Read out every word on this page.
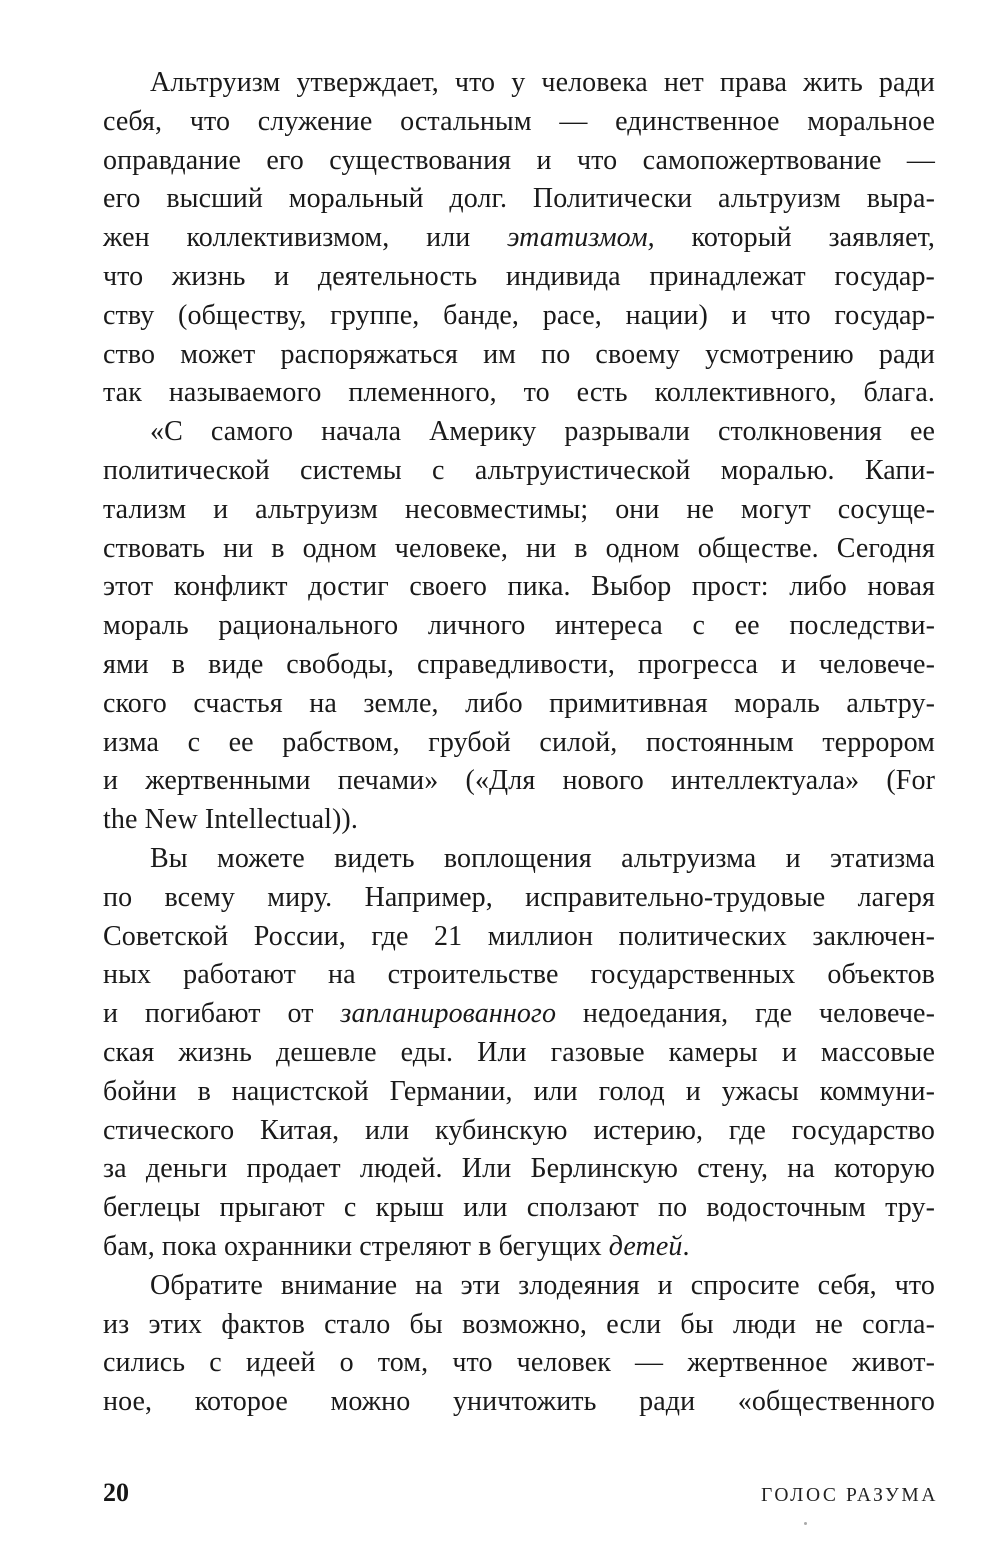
Альтруизм утверждает, что у человека нет права жить ради
себя, что служение остальным — единственное моральное
оправдание его существования и что самопожертвование —
его высший моральный долг. Политически альтруизм выра-
жен коллективизмом, или этатизмом, который заявляет,
что жизнь и деятельность индивида принадлежат государ-
ству (обществу, группе, банде, расе, нации) и что государ-
ство может распоряжаться им по своему усмотрению ради
так называемого племенного, то есть коллективного, блага.
«С самого начала Америку разрывали столкновения ее
политической системы с альтруистической моралью. Капи-
тализм и альтруизм несовместимы; они не могут сосуще-
ствовать ни в одном человеке, ни в одном обществе. Сегодня
этот конфликт достиг своего пика. Выбор прост: либо новая
мораль рационального личного интереса с ее последстви-
ями в виде свободы, справедливости, прогресса и человече-
ского счастья на земле, либо примитивная мораль альтру-
изма с ее рабством, грубой силой, постоянным террором
и жертвенными печами» («Для нового интеллектуала» (For
the New Intellectual)).
Вы можете видеть воплощения альтруизма и этатизма
по всему миру. Например, исправительно-трудовые лагеря
Советской России, где 21 миллион политических заключен-
ных работают на строительстве государственных объектов
и погибают от запланированного недоедания, где человече-
ская жизнь дешевле еды. Или газовые камеры и массовые
бойни в нацистской Германии, или голод и ужасы коммуни-
стического Китая, или кубинскую истерию, где государство
за деньги продает людей. Или Берлинскую стену, на которую
беглецы прыгают с крыш или сползают по водосточным тру-
бам, пока охранники стреляют в бегущих детей.
Обратите внимание на эти злодеяния и спросите себя, что
из этих фактов стало бы возможно, если бы люди не согла-
сились с идеей о том, что человек — жертвенное живот-
ное, которое можно уничтожить ради «общественного
20	ГОЛОС РАЗУМА
